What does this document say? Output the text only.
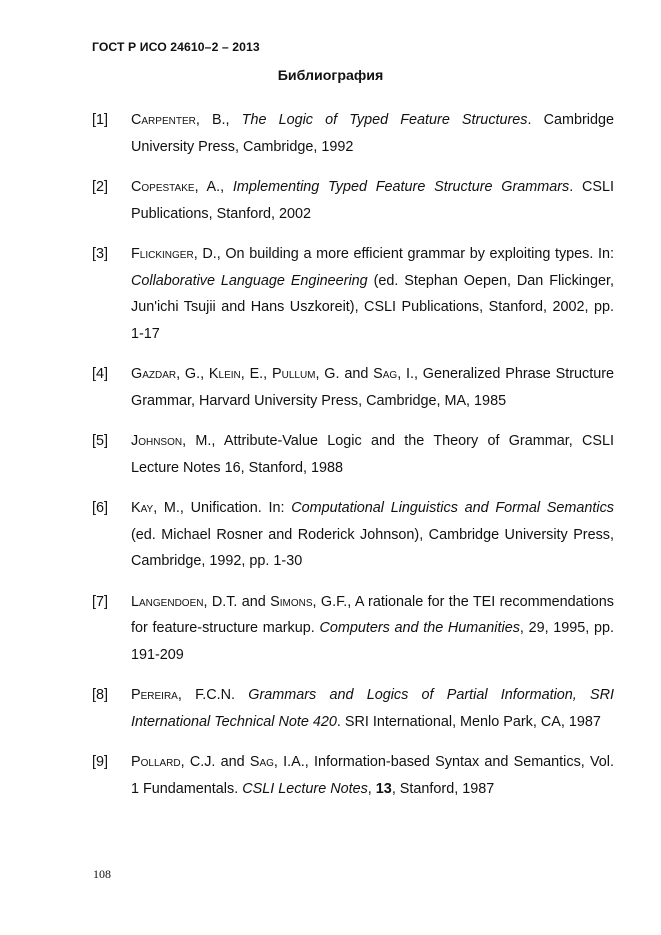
ГОСТ Р ИСО 24610–2 – 2013
Библиография
[1]	Carpenter, B., The Logic of Typed Feature Structures. Cambridge University Press, Cambridge, 1992
[2]	Copestake, A., Implementing Typed Feature Structure Grammars. CSLI Publications, Stanford, 2002
[3]	Flickinger, D., On building a more efficient grammar by exploiting types. In: Collaborative Language Engineering (ed. Stephan Oepen, Dan Flickinger, Jun'ichi Tsujii and Hans Uszkoreit), CSLI Publications, Stanford, 2002, pp. 1-17
[4]	Gazdar, G., Klein, E., Pullum, G. and Sag, I., Generalized Phrase Structure Grammar, Harvard University Press, Cambridge, MA, 1985
[5]	Johnson, M., Attribute-Value Logic and the Theory of Grammar, CSLI Lecture Notes 16, Stanford, 1988
[6]	Kay, M., Unification. In: Computational Linguistics and Formal Semantics (ed. Michael Rosner and Roderick Johnson), Cambridge University Press, Cambridge, 1992, pp. 1-30
[7]	Langendoen, D.T. and Simons, G.F., A rationale for the TEI recommendations for feature-structure markup. Computers and the Humanities, 29, 1995, pp. 191-209
[8]	Pereira, F.C.N. Grammars and Logics of Partial Information, SRI International Technical Note 420. SRI International, Menlo Park, CA, 1987
[9]	Pollard, C.J. and Sag, I.A., Information-based Syntax and Semantics, Vol. 1 Fundamentals. CSLI Lecture Notes, 13, Stanford, 1987
108
